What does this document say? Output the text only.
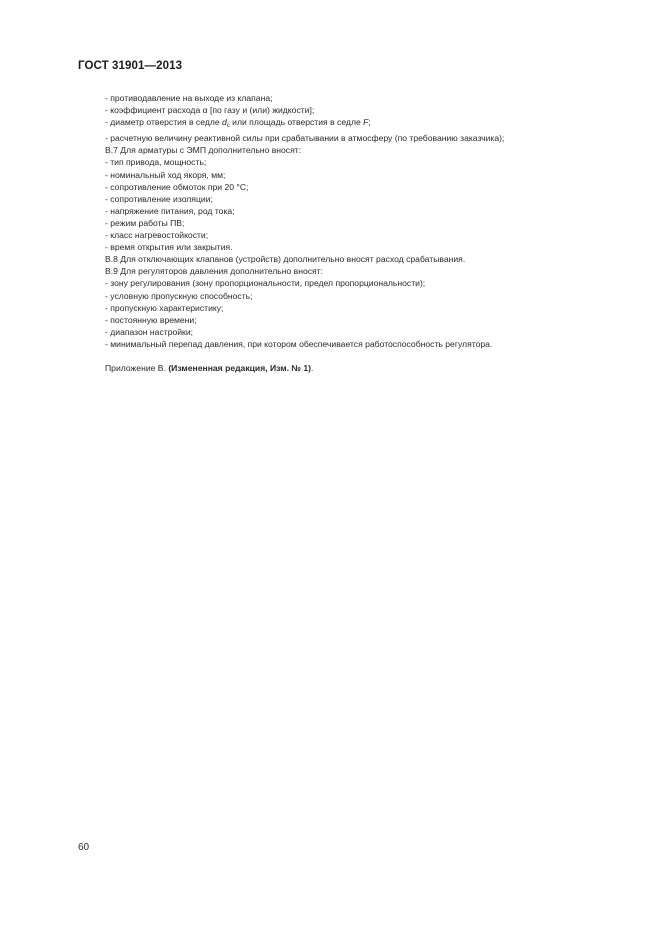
ГОСТ 31901—2013
- противодавление на выходе из клапана;
- коэффициент расхода α [по газу и (или) жидкости];
- диаметр отверстия в седле $d_c$ или площадь отверстия в седле F;
- расчетную величину реактивной силы при срабатывании в атмосферу (по требованию заказчика);
В.7 Для арматуры с ЭМП дополнительно вносят:
- тип привода, мощность;
- номинальный ход якоря, мм;
- сопротивление обмоток при 20 °С;
- сопротивление изоляции;
- напряжение питания, род тока;
- режим работы ПВ;
- класс нагревостойкости;
- время открытия или закрытия.
В.8 Для отключающих клапанов (устройств) дополнительно вносят расход срабатывания.
В.9 Для регуляторов давления дополнительно вносят:
- зону регулирования (зону пропорциональности, предел пропорциональности);
- условную пропускную способность;
- пропускную характеристику;
- постоянную времени;
- диапазон настройки;
- минимальный перепад давления, при котором обеспечивается работоспособность регулятора.
Приложение В. (Измененная редакция, Изм. № 1).
60
